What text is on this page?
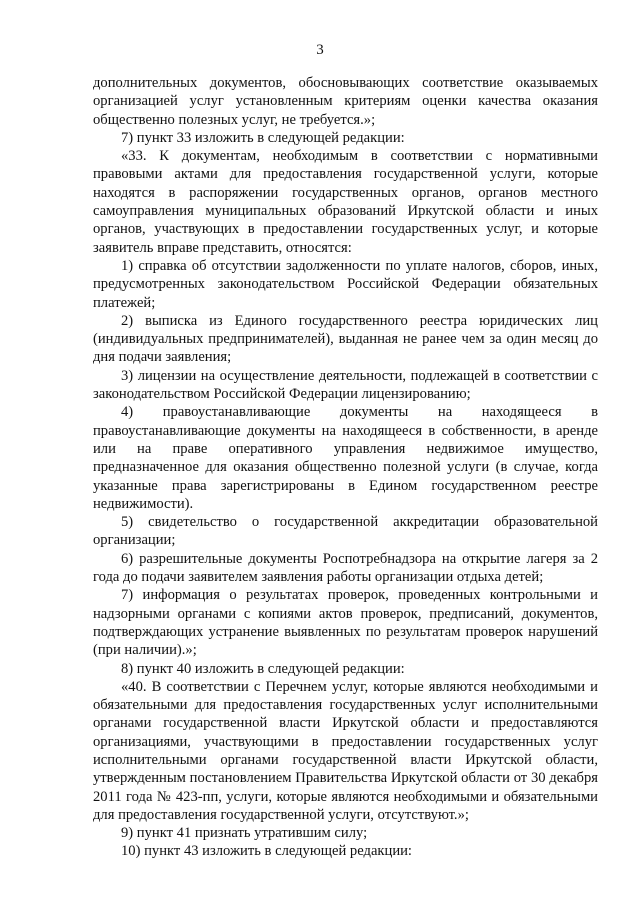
3

дополнительных документов, обосновывающих соответствие оказываемых организацией услуг установленным критериям оценки качества оказания общественно полезных услуг, не требуется.»;

7) пункт 33 изложить в следующей редакции:

«33. К документам, необходимым в соответствии с нормативными правовыми актами для предоставления государственной услуги, которые находятся в распоряжении государственных органов, органов местного самоуправления муниципальных образований Иркутской области и иных органов, участвующих в предоставлении государственных услуг, и которые заявитель вправе представить, относятся:

1) справка об отсутствии задолженности по уплате налогов, сборов, иных, предусмотренных законодательством Российской Федерации обязательных платежей;

2) выписка из Единого государственного реестра юридических лиц (индивидуальных предпринимателей), выданная не ранее чем за один месяц до дня подачи заявления;

3) лицензии на осуществление деятельности, подлежащей в соответствии с законодательством Российской Федерации лицензированию;

4) правоустанавливающие документы на находящееся в правоустанавливающие документы на находящееся в собственности, в аренде или на праве оперативного управления недвижимое имущество, предназначенное для оказания общественно полезной услуги (в случае, когда указанные права зарегистрированы в Едином государственном реестре недвижимости).

5) свидетельство о государственной аккредитации образовательной организации;

6) разрешительные документы Роспотребнадзора на открытие лагеря за 2 года до подачи заявителем заявления работы организации отдыха детей;

7) информация о результатах проверок, проведенных контрольными и надзорными органами с копиями актов проверок, предписаний, документов, подтверждающих устранение выявленных по результатам проверок нарушений (при наличии).»;

8) пункт 40 изложить в следующей редакции:

«40. В соответствии с Перечнем услуг, которые являются необходимыми и обязательными для предоставления государственных услуг исполнительными органами государственной власти Иркутской области и предоставляются организациями, участвующими в предоставлении государственных услуг исполнительными органами государственной власти Иркутской области, утвержденным постановлением Правительства Иркутской области от 30 декабря 2011 года № 423-пп, услуги, которые являются необходимыми и обязательными для предоставления государственной услуги, отсутствуют.»;

9) пункт 41 признать утратившим силу;

10) пункт 43 изложить в следующей редакции:
